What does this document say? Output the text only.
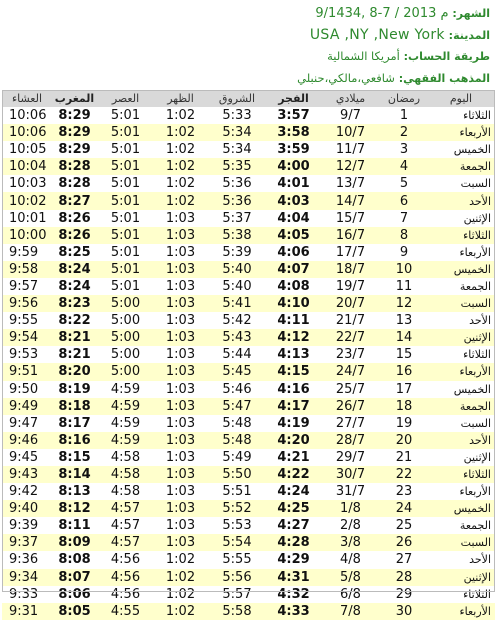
الشهر: 9/1434, 8-7 / 2013 م
المدينة: USA ,NY ,New York
طريقة الحساب: أمريكا الشمالية
المذهب الفقهي: شافعي،مالكي،حنبلي
اليوم	رمضان	ميلادي	الفجر	الشروق	الظهر	العصر	المغرب	العشاء
الثلاثاء	1	9/7	3:57	5:33	1:02	5:01	8:29	10:06
الأربعاء	2	10/7	3:58	5:34	1:02	5:01	8:29	10:06
الخميس	3	11/7	3:59	5:34	1:02	5:01	8:29	10:05
الجمعة	4	12/7	4:00	5:35	1:02	5:01	8:28	10:04
السبت	5	13/7	4:01	5:36	1:02	5:01	8:28	10:03
الأحد	6	14/7	4:03	5:36	1:02	5:01	8:27	10:02
الإثنين	7	15/7	4:04	5:37	1:03	5:01	8:26	10:01
الثلاثاء	8	16/7	4:05	5:38	1:03	5:01	8:26	10:00
الأربعاء	9	17/7	4:06	5:39	1:03	5:01	8:25	9:59
الخميس	10	18/7	4:07	5:40	1:03	5:01	8:24	9:58
الجمعة	11	19/7	4:08	5:40	1:03	5:01	8:24	9:57
السبت	12	20/7	4:10	5:41	1:03	5:00	8:23	9:56
الأحد	13	21/7	4:11	5:42	1:03	5:00	8:22	9:55
الإثنين	14	22/7	4:12	5:43	1:03	5:00	8:21	9:54
الثلاثاء	15	23/7	4:13	5:44	1:03	5:00	8:21	9:53
الأربعاء	16	24/7	4:15	5:45	1:03	5:00	8:20	9:51
الخميس	17	25/7	4:16	5:46	1:03	4:59	8:19	9:50
الجمعة	18	26/7	4:17	5:47	1:03	4:59	8:18	9:49
السبت	19	27/7	4:19	5:48	1:03	4:59	8:17	9:47
الأحد	20	28/7	4:20	5:48	1:03	4:59	8:16	9:46
الإثنين	21	29/7	4:21	5:49	1:03	4:58	8:15	9:45
الثلاثاء	22	30/7	4:22	5:50	1:03	4:58	8:14	9:43
الأربعاء	23	31/7	4:24	5:51	1:03	4:58	8:13	9:42
الخميس	24	1/8	4:25	5:52	1:03	4:57	8:12	9:40
الجمعة	25	2/8	4:27	5:53	1:03	4:57	8:11	9:39
السبت	26	3/8	4:28	5:54	1:03	4:57	8:09	9:37
الأحد	27	4/8	4:29	5:55	1:02	4:56	8:08	9:36
الإثنين	28	5/8	4:31	5:56	1:02	4:56	8:07	9:34
الثلاثاء	29	6/8	4:32	5:57	1:02	4:56	8:06	9:33
الأربعاء	30	7/8	4:33	5:58	1:02	4:55	8:05	9:31
